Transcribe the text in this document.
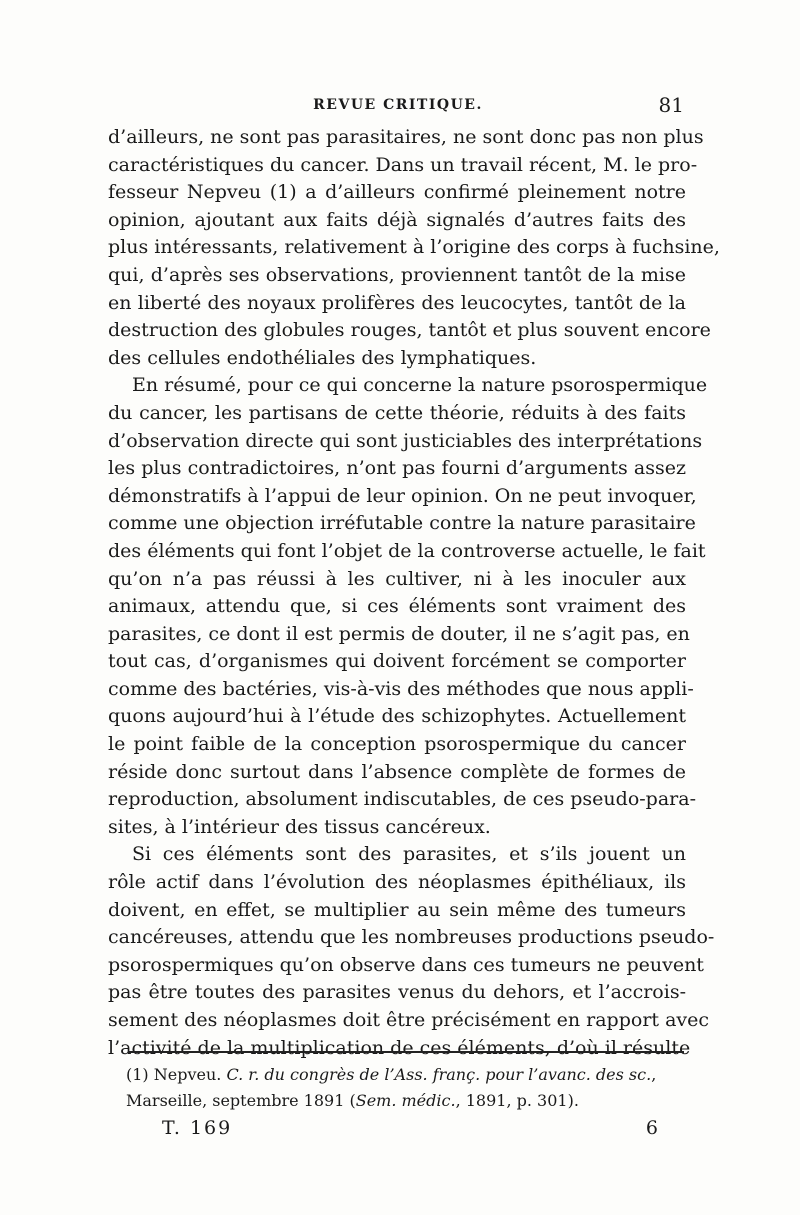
REVUE CRITIQUE.	81
d’ailleurs, ne sont pas parasitaires, ne sont donc pas non plus
caractéristiques du cancer. Dans un travail récent, M. le pro-
fesseur Nepveu (1) a d’ailleurs confirmé pleinement notre
opinion, ajoutant aux faits déjà signalés d’autres faits des
plus intéressants, relativement à l’origine des corps à fuchsine,
qui, d’après ses observations, proviennent tantôt de la mise
en liberté des noyaux prolifères des leucocytes, tantôt de la
destruction des globules rouges, tantôt et plus souvent encore
des cellules endothéliales des lymphatiques.
En résumé, pour ce qui concerne la nature psorospermique
du cancer, les partisans de cette théorie, réduits à des faits
d’observation directe qui sont justiciables des interprétations
les plus contradictoires, n’ont pas fourni d’arguments assez
démonstratifs à l’appui de leur opinion. On ne peut invoquer,
comme une objection irréfutable contre la nature parasitaire
des éléments qui font l’objet de la controverse actuelle, le fait
qu’on n’a pas réussi à les cultiver, ni à les inoculer aux
animaux, attendu que, si ces éléments sont vraiment des
parasites, ce dont il est permis de douter, il ne s’agit pas, en
tout cas, d’organismes qui doivent forcément se comporter
comme des bactéries, vis-à-vis des méthodes que nous appli-
quons aujourd’hui à l’étude des schizophytes. Actuellement
le point faible de la conception psorospermique du cancer
réside donc surtout dans l’absence complète de formes de
reproduction, absolument indiscutables, de ces pseudo-para-
sites, à l’intérieur des tissus cancéreux.
Si ces éléments sont des parasites, et s’ils jouent un
rôle actif dans l’évolution des néoplasmes épithéliaux, ils
doivent, en effet, se multiplier au sein même des tumeurs
cancéreuses, attendu que les nombreuses productions pseudo-
psorospermiques qu’on observe dans ces tumeurs ne peuvent
pas être toutes des parasites venus du dehors, et l’accrois-
sement des néoplasmes doit être précisément en rapport avec
l’activité de la multiplication de ces éléments, d’où il résulte
(1) Nepveu. C. r. du congrès de l’Ass. franç. pour l’avanc. des sc.,
Marseille, septembre 1891 (Sem. médic., 1891, p. 301).
T. 169	6
